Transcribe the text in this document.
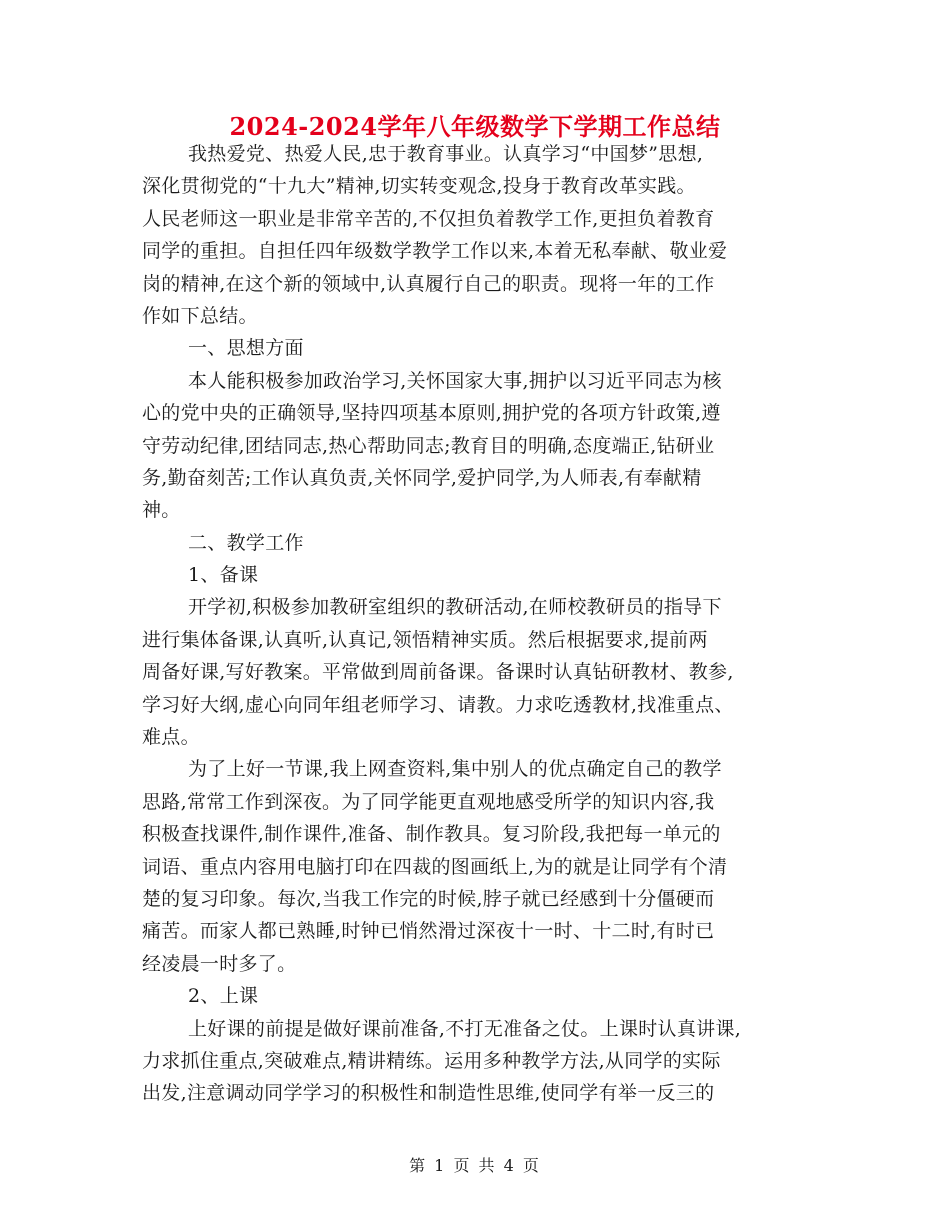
2024-2024学年八年级数学下学期工作总结
我热爱党、热爱人民,忠于教育事业。认真学习“中国梦”思想,
深化贯彻党的“十九大”精神,切实转变观念,投身于教育改革实践。
人民老师这一职业是非常辛苦的,不仅担负着教学工作,更担负着教育
同学的重担。自担任四年级数学教学工作以来,本着无私奉献、敬业爱
岗的精神,在这个新的领域中,认真履行自己的职责。现将一年的工作
作如下总结。
一、思想方面
本人能积极参加政治学习,关怀国家大事,拥护以习近平同志为核
心的党中央的正确领导,坚持四项基本原则,拥护党的各项方针政策,遵
守劳动纪律,团结同志,热心帮助同志;教育目的明确,态度端正,钻研业
务,勤奋刻苦;工作认真负责,关怀同学,爱护同学,为人师表,有奉献精
神。
二、教学工作
1、备课
开学初,积极参加教研室组织的教研活动,在师校教研员的指导下
进行集体备课,认真听,认真记,领悟精神实质。然后根据要求,提前两
周备好课,写好教案。平常做到周前备课。备课时认真钻研教材、教参,
学习好大纲,虚心向同年组老师学习、请教。力求吃透教材,找准重点、
难点。
为了上好一节课,我上网查资料,集中别人的优点确定自己的教学
思路,常常工作到深夜。为了同学能更直观地感受所学的知识内容,我
积极查找课件,制作课件,准备、制作教具。复习阶段,我把每一单元的
词语、重点内容用电脑打印在四裁的图画纸上,为的就是让同学有个清
楚的复习印象。每次,当我工作完的时候,脖子就已经感到十分僵硬而
痛苦。而家人都已熟睡,时钟已悄然滑过深夜十一时、十二时,有时已
经凌晨一时多了。
2、上课
上好课的前提是做好课前准备,不打无准备之仗。上课时认真讲课,
力求抓住重点,突破难点,精讲精练。运用多种教学方法,从同学的实际
出发,注意调动同学学习的积极性和制造性思维,使同学有举一反三的
第 1 页 共 4 页
